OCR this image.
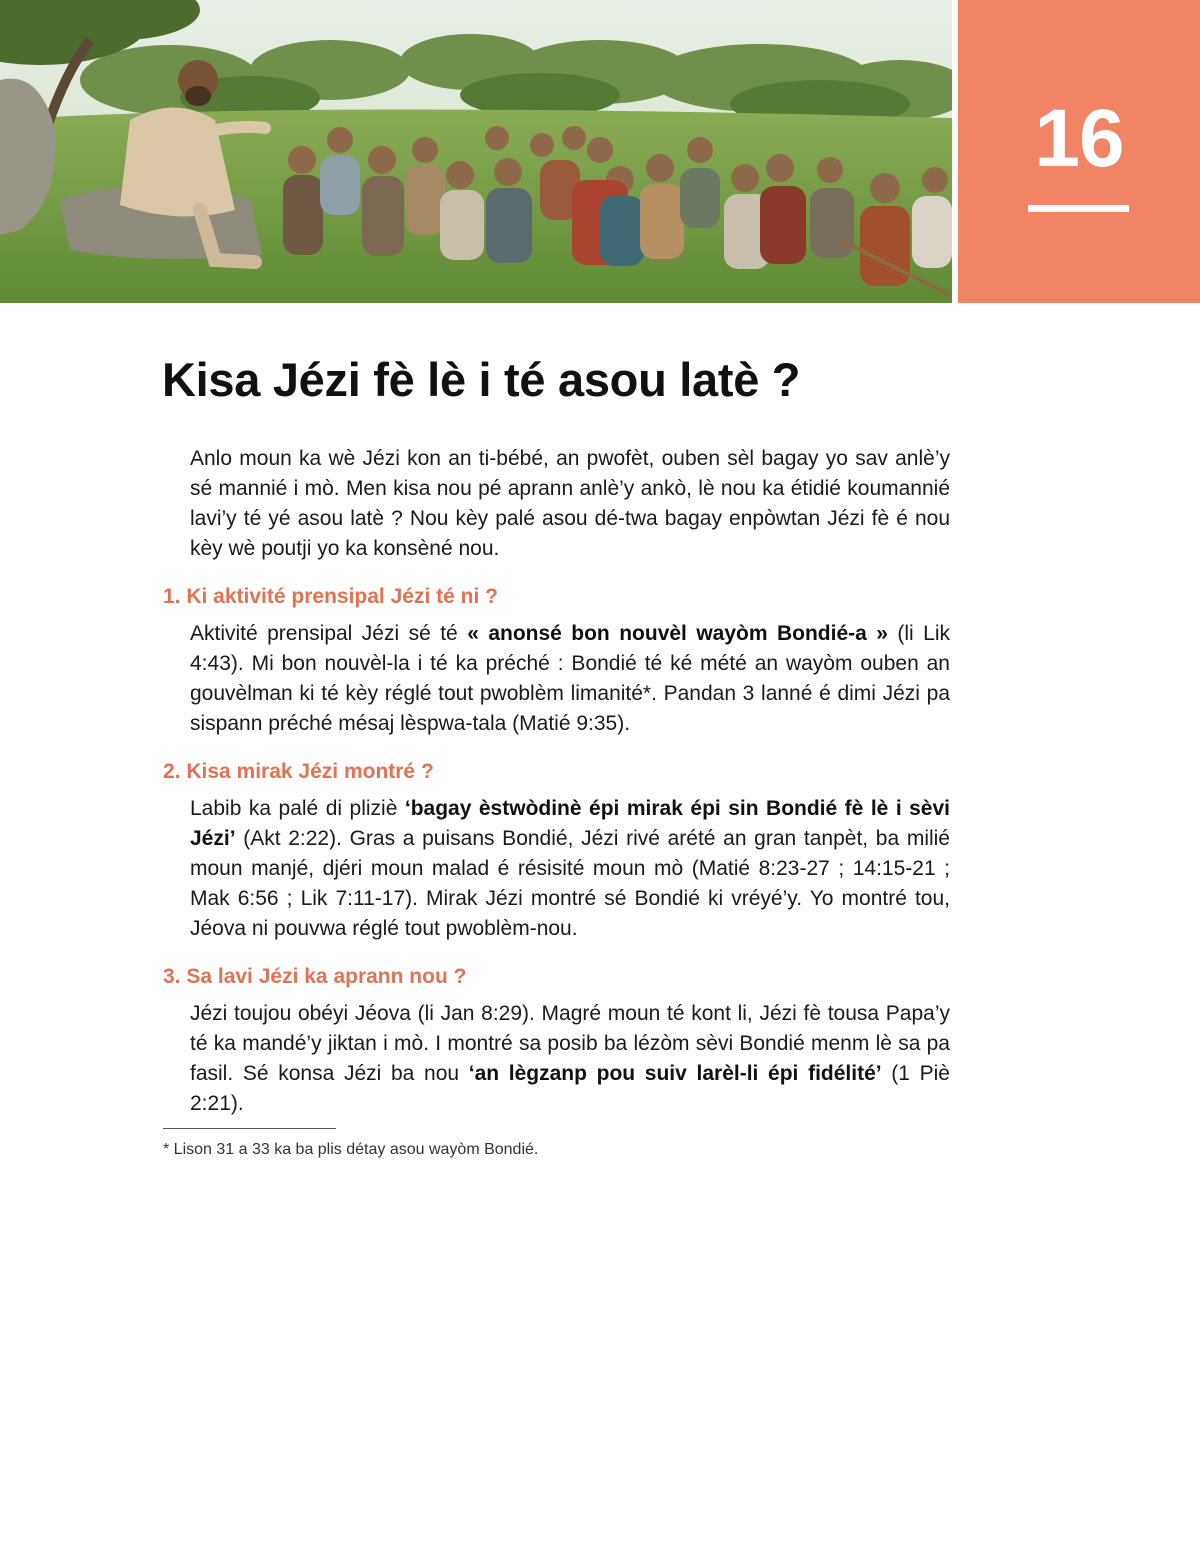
16
Kisa Jézi fè lè i té asou latè ?

Anlo moun ka wè Jézi kon an ti-bébé, an pwofèt, ouben sèl bagay yo sav anlè’y sé mannié i mò. Men kisa nou pé aprann anlè’y ankò, lè nou ka étidié koumannié lavi’y té yé asou latè ? Nou kèy palé asou dé-twa bagay enpòwtan Jézi fè é nou kèy wè poutji yo ka konsèné nou.

1. Ki aktivité prensipal Jézi té ni ?

Aktivité prensipal Jézi sé té « anonsé bon nouvèl wayòm Bondié-a » (li Lik 4:43). Mi bon nouvèl-la i té ka préché : Bondié té ké mété an wayòm ouben an gouvèlman ki té kèy réglé tout pwoblèm limanité*. Pandan 3 lanné é dimi Jézi pa sispann préché mésaj lèspwa-tala (Matié 9:35).

2. Kisa mirak Jézi montré ?

Labib ka palé di pliziè ‘bagay èstwòdinè épi mirak épi sin Bondié fè lè i sèvi Jézi’ (Akt 2:22). Gras a puisans Bondié, Jézi rivé arété an gran tanpèt, ba milié moun manjé, djéri moun malad é résisité moun mò (Matié 8:23-27 ; 14:15-21 ; Mak 6:56 ; Lik 7:11-17). Mirak Jézi montré sé Bondié ki vréyé’y. Yo montré tou, Jéova ni pouvwa réglé tout pwoblèm-nou.

3. Sa lavi Jézi ka aprann nou ?

Jézi toujou obéyi Jéova (li Jan 8:29). Magré moun té kont li, Jézi fè tousa Papa’y té ka mandé’y jiktan i mò. I montré sa posib ba lézòm sèvi Bondié menm lè sa pa fasil. Sé konsa Jézi ba nou ‘an lègzanp pou suiv larèl-li épi fidélité’ (1 Piè 2:21).

* Lison 31 a 33 ka ba plis détay asou wayòm Bondié.
